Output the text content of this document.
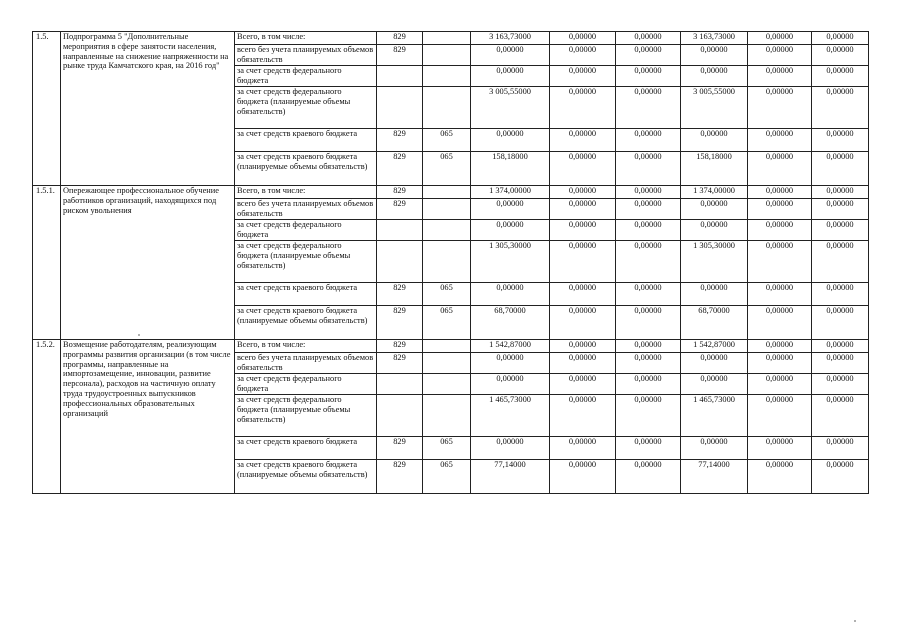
1.5.	Подпрограмма 5 "Дополнительные мероприятия в сфере занятости населения, направленные на снижение напряженности на рынке труда Камчатского края, на 2016 год"	Всего, в том числе:	829		3 163,73000	0,00000	0,00000	3 163,73000	0,00000	0,00000
		всего без учета планируемых объемов обязательств	829		0,00000	0,00000	0,00000	0,00000	0,00000	0,00000
		за счет средств федерального бюджета			0,00000	0,00000	0,00000	0,00000	0,00000	0,00000
		за счет средств федерального бюджета (планируемые объемы обязательств)			3 005,55000	0,00000	0,00000	3 005,55000	0,00000	0,00000
		за счет средств краевого бюджета	829	065	0,00000	0,00000	0,00000	0,00000	0,00000	0,00000
		за счет средств краевого бюджета (планируемые объемы обязательств)	829	065	158,18000	0,00000	0,00000	158,18000	0,00000	0,00000
1.5.1.	Опережающее профессиональное обучение работников организаций, находящихся под риском увольнения	Всего, в том числе:	829		1 374,00000	0,00000	0,00000	1 374,00000	0,00000	0,00000
		всего без учета планируемых объемов обязательств	829		0,00000	0,00000	0,00000	0,00000	0,00000	0,00000
		за счет средств федерального бюджета			0,00000	0,00000	0,00000	0,00000	0,00000	0,00000
		за счет средств федерального бюджета (планируемые объемы обязательств)			1 305,30000	0,00000	0,00000	1 305,30000	0,00000	0,00000
		за счет средств краевого бюджета	829	065	0,00000	0,00000	0,00000	0,00000	0,00000	0,00000
		за счет средств краевого бюджета (планируемые объемы обязательств)	829	065	68,70000	0,00000	0,00000	68,70000	0,00000	0,00000
1.5.2.	Возмещение работодателям, реализующим программы развития организации (в том числе программы, направленные на импортозамещение, инновации, развитие персонала), расходов на частичную оплату труда трудоустроенных выпускников профессиональных образовательных организаций	Всего, в том числе:	829		1 542,87000	0,00000	0,00000	1 542,87000	0,00000	0,00000
		всего без учета планируемых объемов обязательств	829		0,00000	0,00000	0,00000	0,00000	0,00000	0,00000
		за счет средств федерального бюджета			0,00000	0,00000	0,00000	0,00000	0,00000	0,00000
		за счет средств федерального бюджета (планируемые объемы обязательств)			1 465,73000	0,00000	0,00000	1 465,73000	0,00000	0,00000
		за счет средств краевого бюджета	829	065	0,00000	0,00000	0,00000	0,00000	0,00000	0,00000
		за счет средств краевого бюджета (планируемые объемы обязательств)	829	065	77,14000	0,00000	0,00000	77,14000	0,00000	0,00000
